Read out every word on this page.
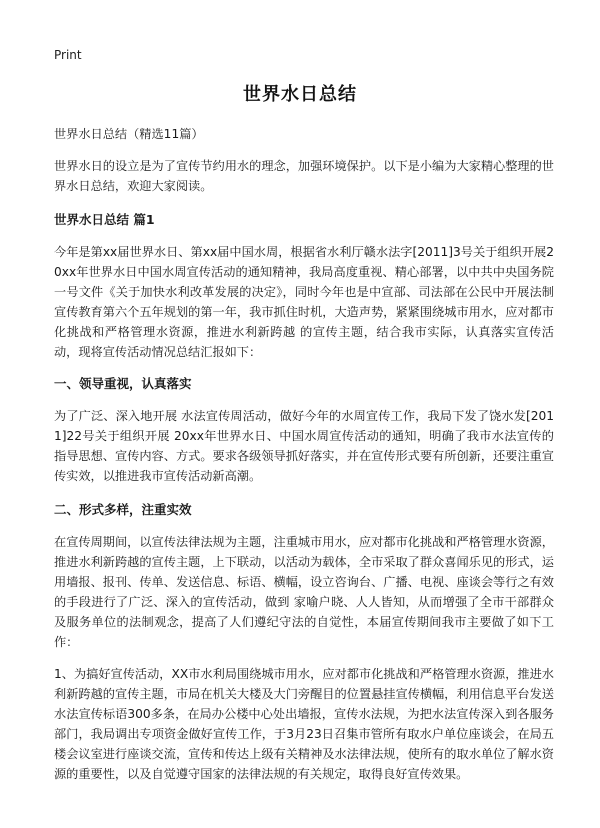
Print
世界水日总结
世界水日总结（精选11篇）
世界水日的设立是为了宣传节约用水的理念，加强环境保护。以下是小编为大家精心整理的世界水日总结，欢迎大家阅读。
世界水日总结 篇1
今年是第xx届世界水日、第xx届中国水周，根据省水利厅赣水法字[2011]3号关于组织开展20xx年世界水日中国水周宣传活动的通知精神，我局高度重视、精心部署，以中共中央国务院一号文件《关于加快水利改革发展的决定》，同时今年也是中宣部、司法部在公民中开展法制宣传教育第六个五年规划的第一年，我市抓住时机，大造声势，紧紧围绕城市用水，应对都市化挑战和严格管理水资源，推进水利新跨越 的宣传主题，结合我市实际，认真落实宣传活动，现将宣传活动情况总结汇报如下：
一、领导重视，认真落实
为了广泛、深入地开展 水法宣传周活动，做好今年的水周宣传工作，我局下发了饶水发[2011]22号关于组织开展 20xx年世界水日、中国水周宣传活动的通知，明确了我市水法宣传的指导思想、宣传内容、方式。要求各级领导抓好落实，并在宣传形式要有所创新，还要注重宣传实效，以推进我市宣传活动新高潮。
二、形式多样，注重实效
在宣传周期间，以宣传法律法规为主题，注重城市用水，应对都市化挑战和严格管理水资源，推进水利新跨越的宣传主题，上下联动，以活动为载体，全市采取了群众喜闻乐见的形式，运用墙报、报刊、传单、发送信息、标语、横幅，设立咨询台、广播、电视、座谈会等行之有效的手段进行了广泛、深入的宣传活动，做到 家喻户晓、人人皆知，从而增强了全市干部群众及服务单位的法制观念，提高了人们遵纪守法的自觉性，本届宣传期间我市主要做了如下工作：
1、为搞好宣传活动，XX市水利局围绕城市用水，应对都市化挑战和严格管理水资源，推进水利新跨越的宣传主题，市局在机关大楼及大门旁醒目的位置悬挂宣传横幅，利用信息平台发送水法宣传标语300多条，在局办公楼中心处出墙报，宣传水法规，为把水法宣传深入到各服务部门，我局调出专项资金做好宣传工作，于3月23日召集市管所有取水户单位座谈会，在局五楼会议室进行座谈交流，宣传和传达上级有关精神及水法律法规，使所有的取水单位了解水资源的重要性，以及自觉遵守国家的法律法规的有关规定，取得良好宣传效果。
